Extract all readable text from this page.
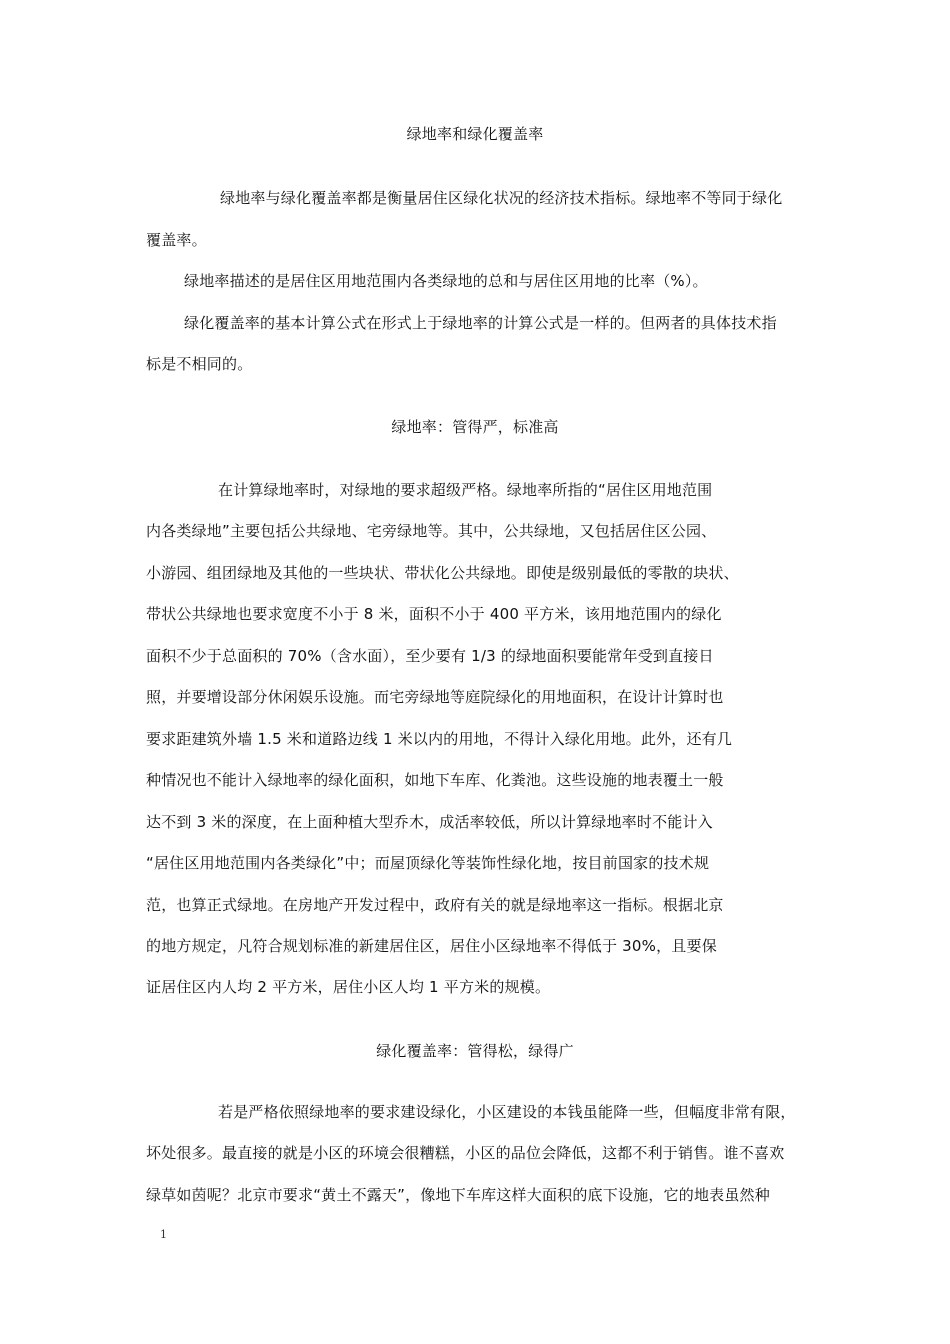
绿地率和绿化覆盖率
绿地率与绿化覆盖率都是衡量居住区绿化状况的经济技术指标。绿地率不等同于绿化
覆盖率。
绿地率描述的是居住区用地范围内各类绿地的总和与居住区用地的比率（%）。
绿化覆盖率的基本计算公式在形式上于绿地率的计算公式是一样的。但两者的具体技术指
标是不相同的。
绿地率：管得严，标准高
在计算绿地率时，对绿地的要求超级严格。绿地率所指的“居住区用地范围
内各类绿地”主要包括公共绿地、宅旁绿地等。其中，公共绿地，又包括居住区公园、
小游园、组团绿地及其他的一些块状、带状化公共绿地。即使是级别最低的零散的块状、
带状公共绿地也要求宽度不小于 8 米，面积不小于 400 平方米，该用地范围内的绿化
面积不少于总面积的 70%（含水面），至少要有 1/3 的绿地面积要能常年受到直接日
照，并要增设部分休闲娱乐设施。而宅旁绿地等庭院绿化的用地面积，在设计计算时也
要求距建筑外墙 1.5 米和道路边线 1 米以内的用地，不得计入绿化用地。此外，还有几
种情况也不能计入绿地率的绿化面积，如地下车库、化粪池。这些设施的地表覆土一般
达不到 3 米的深度，在上面种植大型乔木，成活率较低，所以计算绿地率时不能计入
“居住区用地范围内各类绿化”中；而屋顶绿化等装饰性绿化地，按目前国家的技术规
范，也算正式绿地。在房地产开发过程中，政府有关的就是绿地率这一指标。根据北京
的地方规定，凡符合规划标准的新建居住区，居住小区绿地率不得低于 30%，且要保
证居住区内人均 2 平方米，居住小区人均 1 平方米的规模。
绿化覆盖率：管得松，绿得广
若是严格依照绿地率的要求建设绿化，小区建设的本钱虽能降一些，但幅度非常有限，
坏处很多。最直接的就是小区的环境会很糟糕，小区的品位会降低，这都不利于销售。谁不喜欢
绿草如茵呢？北京市要求“黄土不露天”，像地下车库这样大面积的底下设施，它的地表虽然种
1
